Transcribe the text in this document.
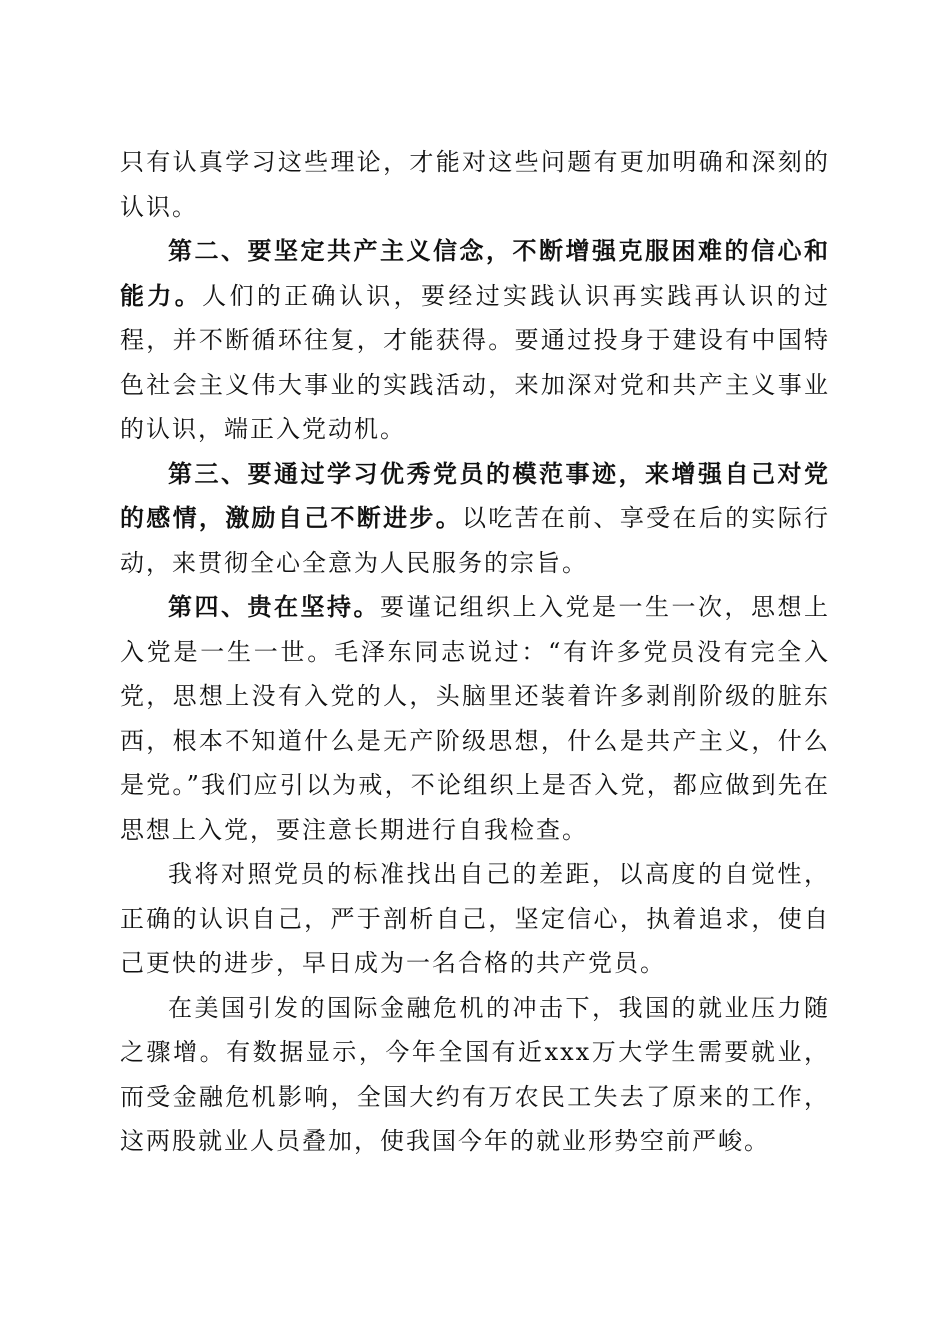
只有认真学习这些理论，才能对这些问题有更加明确和深刻的认识。

第二、要坚定共产主义信念，不断增强克服困难的信心和能力。人们的正确认识，要经过实践认识再实践再认识的过程，并不断循环往复，才能获得。要通过投身于建设有中国特色社会主义伟大事业的实践活动，来加深对党和共产主义事业的认识，端正入党动机。

第三、要通过学习优秀党员的模范事迹，来增强自己对党的感情，激励自己不断进步。以吃苦在前、享受在后的实际行动，来贯彻全心全意为人民服务的宗旨。

第四、贵在坚持。要谨记组织上入党是一生一次，思想上入党是一生一世。毛泽东同志说过：“有许多党员没有完全入党，思想上没有入党的人，头脑里还装着许多剥削阶级的脏东西，根本不知道什么是无产阶级思想，什么是共产主义，什么是党。”我们应引以为戒，不论组织上是否入党，都应做到先在思想上入党，要注意长期进行自我检查。

我将对照党员的标准找出自己的差距，以高度的自觉性，正确的认识自己，严于剖析自己，坚定信心，执着追求，使自己更快的进步，早日成为一名合格的共产党员。

在美国引发的国际金融危机的冲击下，我国的就业压力随之骤增。有数据显示，今年全国有近xxx万大学生需要就业，而受金融危机影响，全国大约有万农民工失去了原来的工作，这两股就业人员叠加，使我国今年的就业形势空前严峻。
